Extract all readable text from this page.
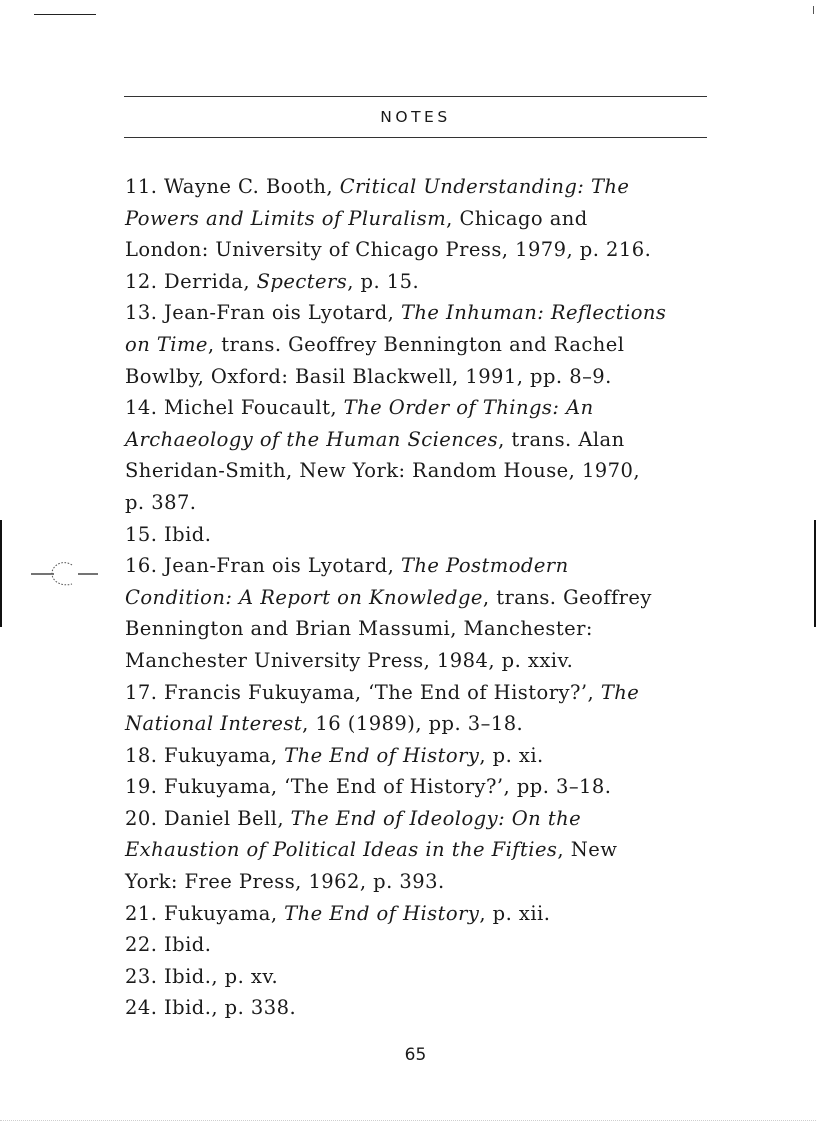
NOTES
11. Wayne C. Booth, Critical Understanding: The
Powers and Limits of Pluralism, Chicago and
London: University of Chicago Press, 1979, p. 216.
12. Derrida, Specters, p. 15.
13. Jean-Fran ois Lyotard, The Inhuman: Reflections
on Time, trans. Geoffrey Bennington and Rachel
Bowlby, Oxford: Basil Blackwell, 1991, pp. 8–9.
14. Michel Foucault, The Order of Things: An
Archaeology of the Human Sciences, trans. Alan
Sheridan-Smith, New York: Random House, 1970,
p. 387.
15. Ibid.
16. Jean-Fran ois Lyotard, The Postmodern
Condition: A Report on Knowledge, trans. Geoffrey
Bennington and Brian Massumi, Manchester:
Manchester University Press, 1984, p. xxiv.
17. Francis Fukuyama, ‘The End of History?’, The
National Interest, 16 (1989), pp. 3–18.
18. Fukuyama, The End of History, p. xi.
19. Fukuyama, ‘The End of History?’, pp. 3–18.
20. Daniel Bell, The End of Ideology: On the
Exhaustion of Political Ideas in the Fifties, New
York: Free Press, 1962, p. 393.
21. Fukuyama, The End of History, p. xii.
22. Ibid.
23. Ibid., p. xv.
24. Ibid., p. 338.
65
